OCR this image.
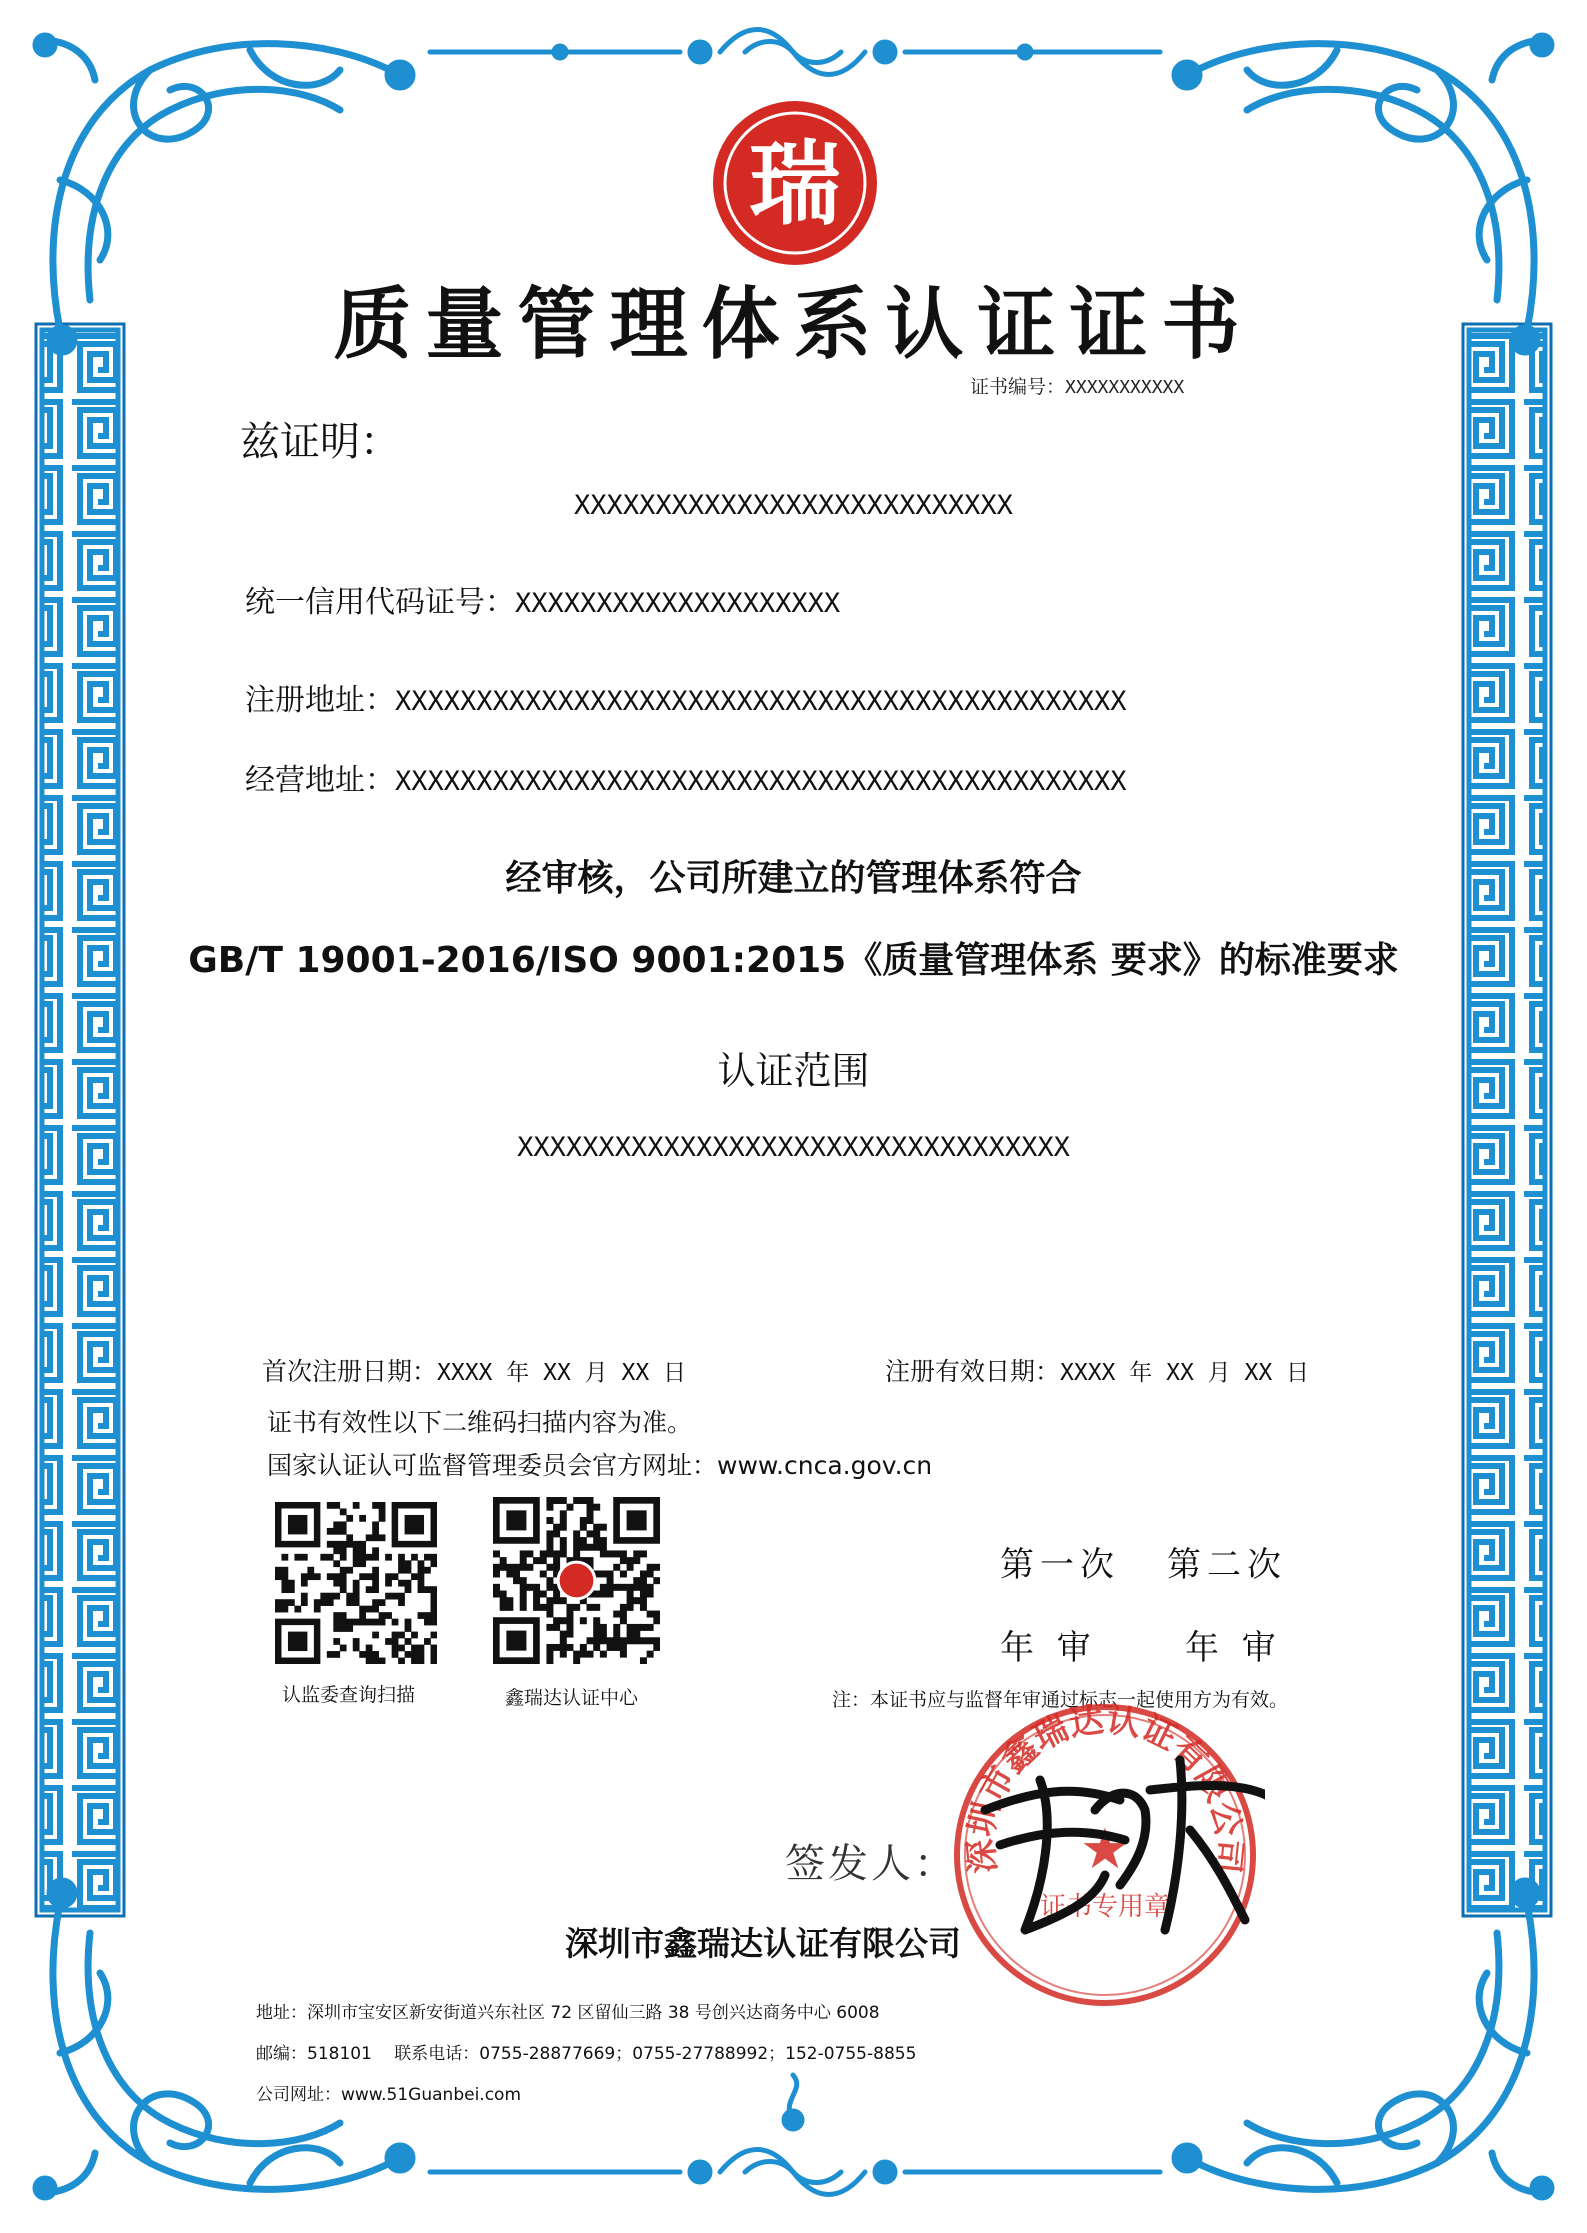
瑞
质量管理体系认证证书
证书编号：XXXXXXXXXXX
兹证明：
XXXXXXXXXXXXXXXXXXXXXXXXXXX
统一信用代码证号：XXXXXXXXXXXXXXXXXXXX
注册地址：XXXXXXXXXXXXXXXXXXXXXXXXXXXXXXXXXXXXXXXXXXXXX
经营地址：XXXXXXXXXXXXXXXXXXXXXXXXXXXXXXXXXXXXXXXXXXXXX
经审核，公司所建立的管理体系符合
GB/T 19001-2016/ISO 9001:2015《质量管理体系 要求》的标准要求
认证范围
XXXXXXXXXXXXXXXXXXXXXXXXXXXXXXXXXX
首次注册日期：XXXX 年 XX 月 XX 日	注册有效日期：XXXX 年 XX 月 XX 日
证书有效性以下二维码扫描内容为准。
国家认证认可监督管理委员会官方网址：www.cnca.gov.cn
认监委查询扫描	鑫瑞达认证中心
第一次 第二次
年 审	年 审
注：本证书应与监督年审通过标志一起使用方为有效。
签发人：
深圳市鑫瑞达认证有限公司
深圳市鑫瑞达认证有限公司
★
证书专用章
地址：深圳市宝安区新安街道兴东社区 72 区留仙三路 38 号创兴达商务中心 6008
邮编：518101　 联系电话：0755-28877669；0755-27788992；152-0755-8855
公司网址：www.51Guanbei.com
